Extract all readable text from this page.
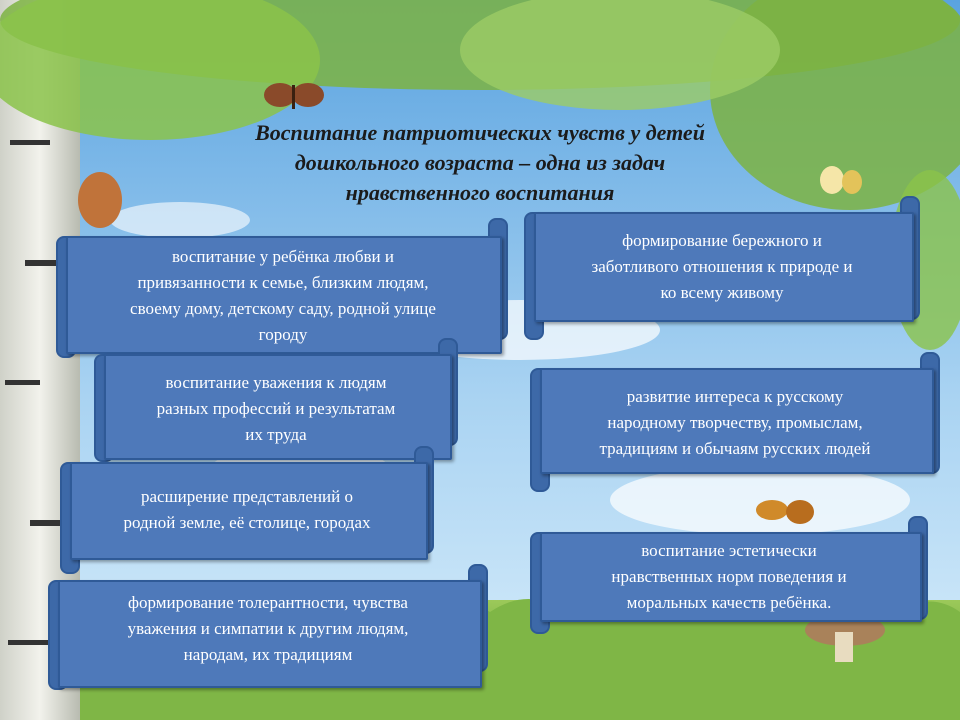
Воспитание патриотических чувств у детей
дошкольного возраста – одна из задач
нравственного воспитания
воспитание у ребёнка любви и
привязанности к семье, близким людям,
своему дому, детскому саду, родной улице
городу
воспитание уважения к людям
разных профессий и результатам
их труда
расширение представлений о
родной земле, её столице, городах
формирование толерантности, чувства
уважения и симпатии к другим людям,
народам, их традициям
формирование бережного и
заботливого отношения к природе и
ко всему живому
развитие интереса к русскому
народному творчеству, промыслам,
традициям и обычаям русских людей
воспитание эстетически
нравственных норм поведения и
моральных качеств ребёнка.
